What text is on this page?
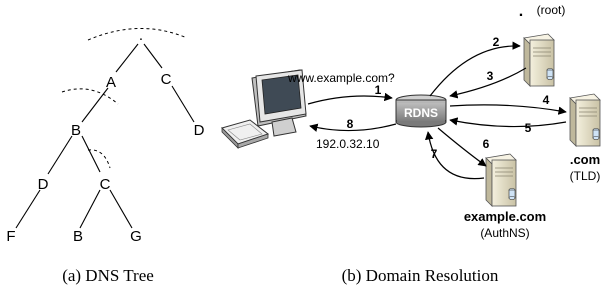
.
A	C
B	D
D	C
F	B	G
(a) DNS Tree
RDNS
. (root)
.com
(TLD)
example.com
(AuthNS)
www.example.com?
192.0.32.10
1
2
3
4
5
6
7
8
(b) Domain Resolution
